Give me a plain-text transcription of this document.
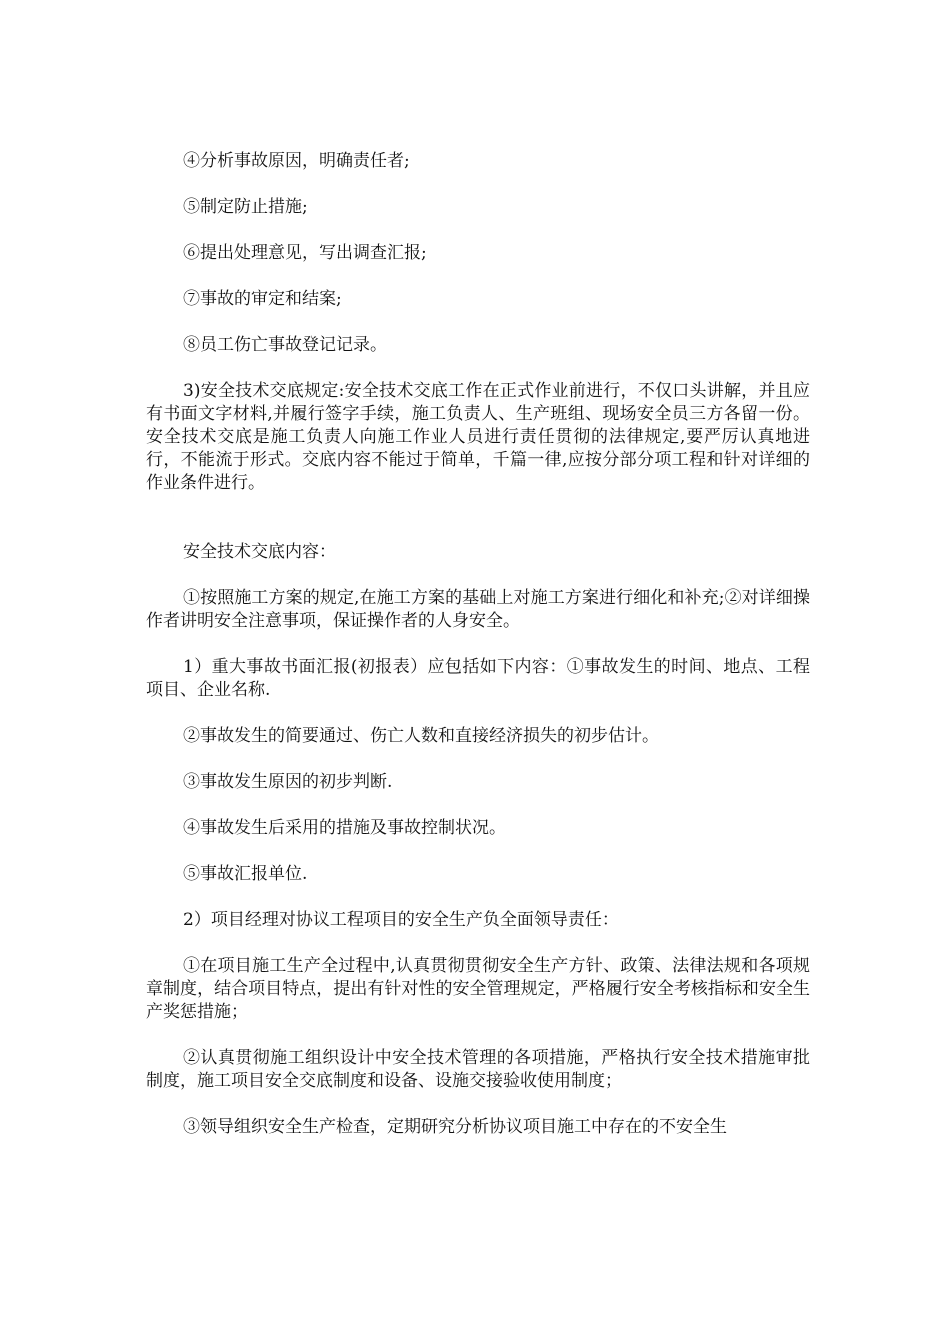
④分析事故原因，明确责任者;

⑤制定防止措施;

⑥提出处理意见，写出调查汇报;

⑦事故的审定和结案;

⑧员工伤亡事故登记记录。

3)安全技术交底规定:安全技术交底工作在正式作业前进行，不仅口头讲解，并且应有书面文字材料,并履行签字手续，施工负责人、生产班组、现场安全员三方各留一份。安全技术交底是施工负责人向施工作业人员进行责任贯彻的法律规定,要严厉认真地进行，不能流于形式。交底内容不能过于简单，千篇一律,应按分部分项工程和针对详细的作业条件进行。

安全技术交底内容：

①按照施工方案的规定,在施工方案的基础上对施工方案进行细化和补充;②对详细操作者讲明安全注意事项，保证操作者的人身安全。

1）重大事故书面汇报(初报表）应包括如下内容：①事故发生的时间、地点、工程项目、企业名称.

②事故发生的简要通过、伤亡人数和直接经济损失的初步估计。

③事故发生原因的初步判断.

④事故发生后采用的措施及事故控制状况。

⑤事故汇报单位.

2）项目经理对协议工程项目的安全生产负全面领导责任：

①在项目施工生产全过程中,认真贯彻贯彻安全生产方针、政策、法律法规和各项规章制度，结合项目特点，提出有针对性的安全管理规定，严格履行安全考核指标和安全生产奖惩措施；

②认真贯彻施工组织设计中安全技术管理的各项措施，严格执行安全技术措施审批制度，施工项目安全交底制度和设备、设施交接验收使用制度；

③领导组织安全生产检查，定期研究分析协议项目施工中存在的不安全生
